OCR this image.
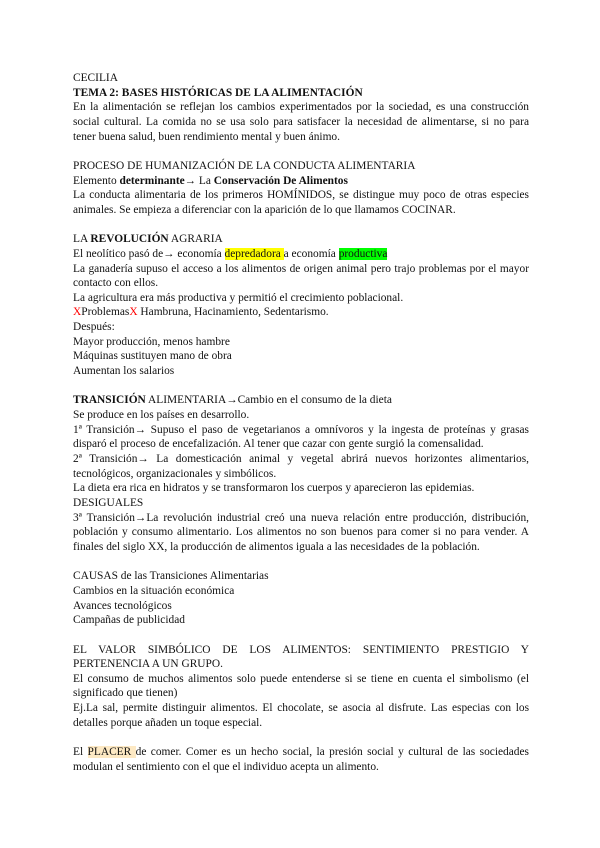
CECILIA

TEMA 2: BASES HISTÓRICAS DE LA ALIMENTACIÓN

En la alimentación se reflejan los cambios experimentados por la sociedad, es una construcción social cultural. La comida no se usa solo para satisfacer la necesidad de alimentarse, si no para tener buena salud, buen rendimiento mental y buen ánimo.

PROCESO DE HUMANIZACIÓN DE LA CONDUCTA ALIMENTARIA

Elemento determinante→ La Conservación De Alimentos

La conducta alimentaria de los primeros HOMÍNIDOS, se distingue muy poco de otras especies animales. Se empieza a diferenciar con la aparición de lo que llamamos COCINAR.

LA REVOLUCIÓN AGRARIA

El neolítico pasó de→ economía depredadora a economía productiva

La ganadería supuso el acceso a los alimentos de origen animal pero trajo problemas por el mayor contacto con ellos.

La agricultura era más productiva y permitió el crecimiento poblacional.

XProblemasX Hambruna, Hacinamiento, Sedentarismo.

Después:

Mayor producción, menos hambre

Máquinas sustituyen mano de obra

Aumentan los salarios

TRANSICIÓN ALIMENTARIA→Cambio en el consumo de la dieta

Se produce en los países en desarrollo.

1ª Transición→ Supuso el paso de vegetarianos a omnívoros y la ingesta de proteínas y grasas disparó el proceso de encefalización. Al tener que cazar con gente surgió la comensalidad.

2ª Transición→ La domesticación animal y vegetal abrirá nuevos horizontes alimentarios, tecnológicos, organizacionales y simbólicos.

La dieta era rica en hidratos y se transformaron los cuerpos y aparecieron las epidemias.

DESIGUALES

3ª Transición→La revolución industrial creó una nueva relación entre producción, distribución, población y consumo alimentario. Los alimentos no son buenos para comer si no para vender. A finales del siglo XX, la producción de alimentos iguala a las necesidades de la población.

CAUSAS de las Transiciones Alimentarias

Cambios en la situación económica

Avances tecnológicos

Campañas de publicidad

EL VALOR SIMBÓLICO DE LOS ALIMENTOS: SENTIMIENTO PRESTIGIO Y PERTENENCIA A UN GRUPO.

El consumo de muchos alimentos solo puede entenderse si se tiene en cuenta el simbolismo (el significado que tienen)

Ej.La sal, permite distinguir alimentos. El chocolate, se asocia al disfrute. Las especias con los detalles porque añaden un toque especial.

El PLACER de comer. Comer es un hecho social, la presión social y cultural de las sociedades modulan el sentimiento con el que el individuo acepta un alimento.
